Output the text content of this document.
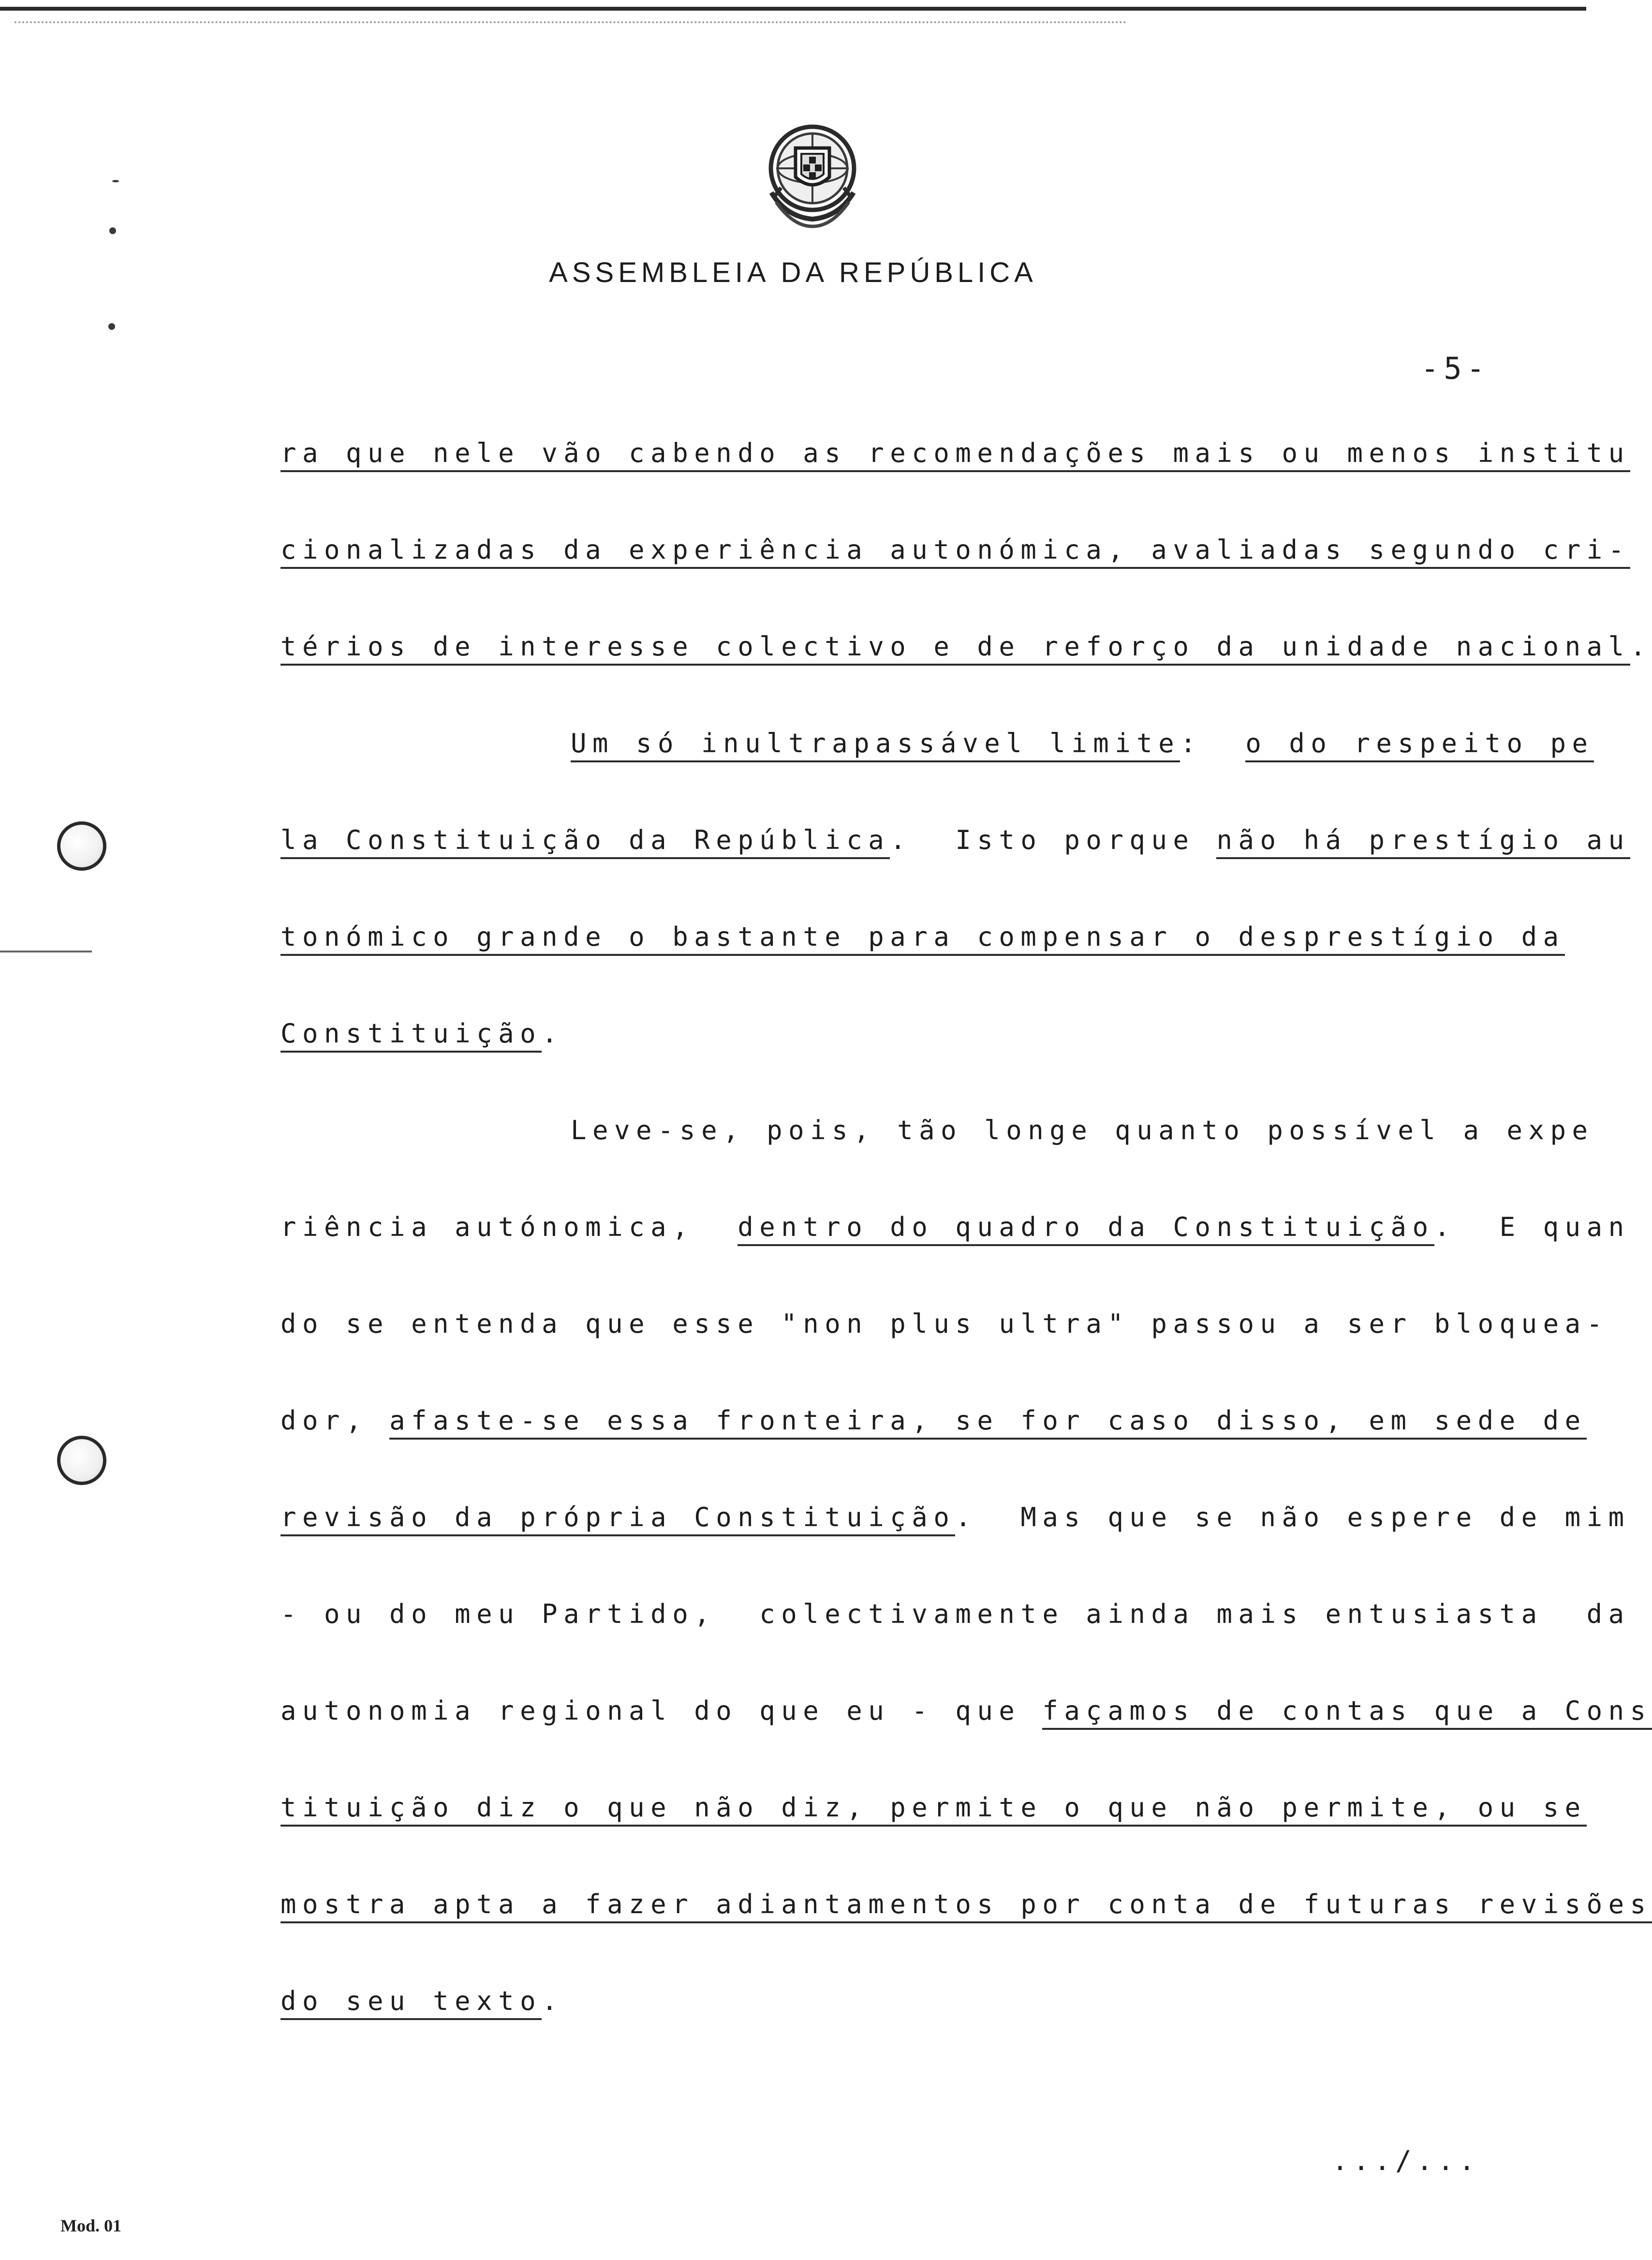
ASSEMBLEIA DA REPÚBLICA
-5-
ra que nele vão cabendo as recomendações mais ou menos institu
cionalizadas da experiência autonómica, avaliadas segundo cri-
térios de interesse colectivo e de reforço da unidade nacional.
Um só inultrapassável limite:  o do respeito pe
la Constituição da República.  Isto porque não há prestígio au
tonómico grande o bastante para compensar o desprestígio da
Constituição.
Leve-se, pois, tão longe quanto possível a expe
riência autónomica,  dentro do quadro da Constituição.  E quan
do se entenda que esse "non plus ultra" passou a ser bloquea-
dor, afaste-se essa fronteira, se for caso disso, em sede de
revisão da própria Constituição.  Mas que se não espere de mim
- ou do meu Partido,  colectivamente ainda mais entusiasta  da
autonomia regional do que eu - que façamos de contas que a Cons
tituição diz o que não diz, permite o que não permite, ou se
mostra apta a fazer adiantamentos por conta de futuras revisões
do seu texto.
.../...
Mod. 01
